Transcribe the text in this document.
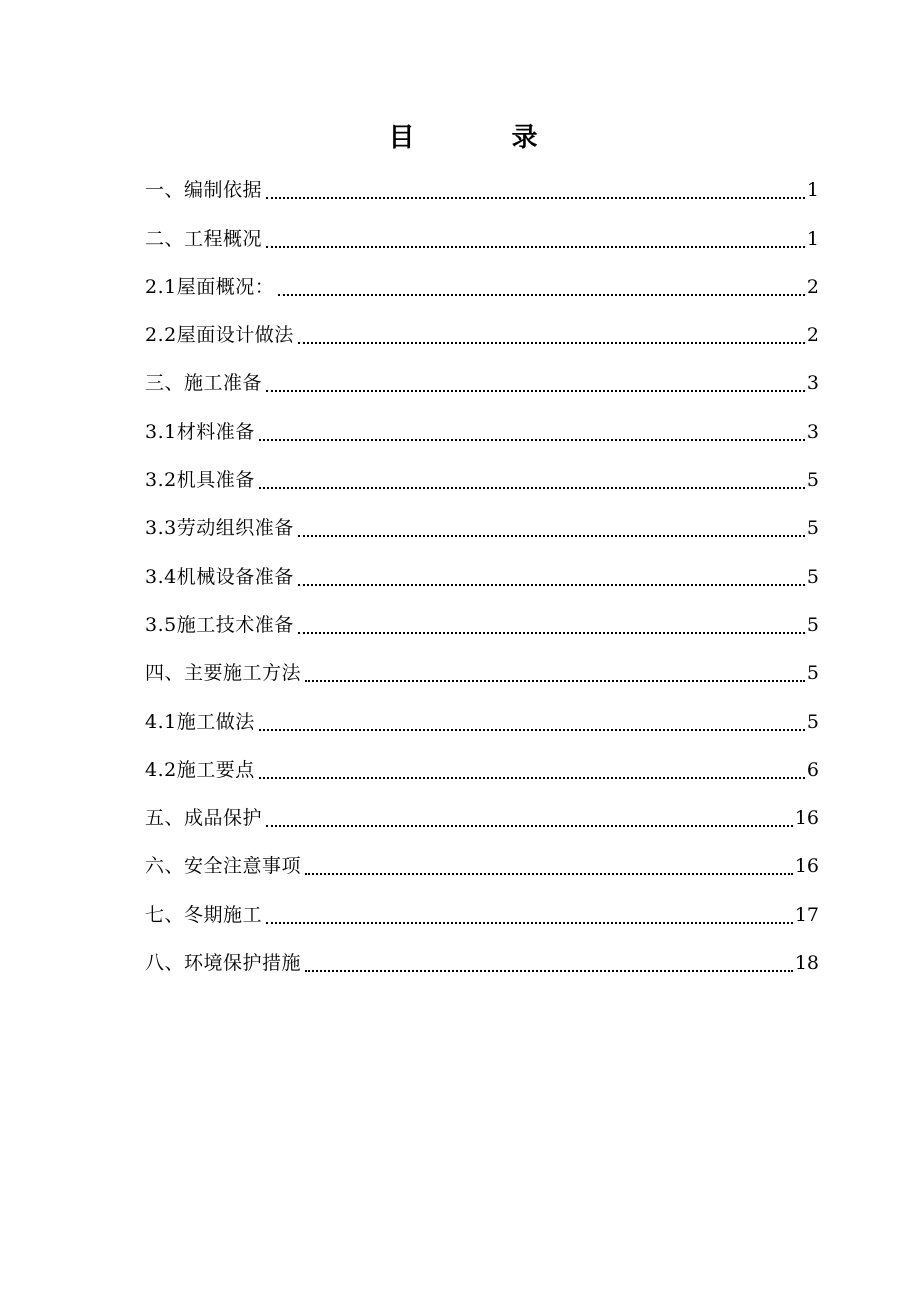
目 录
一、编制依据	1
二、工程概况	1
2.1屋面概况：	2
2.2屋面设计做法	2
三、施工准备	3
3.1材料准备	3
3.2机具准备	5
3.3劳动组织准备	5
3.4机械设备准备	5
3.5施工技术准备	5
四、主要施工方法	5
4.1施工做法	5
4.2施工要点	6
五、成品保护	16
六、安全注意事项	16
七、冬期施工	17
八、环境保护措施	18
